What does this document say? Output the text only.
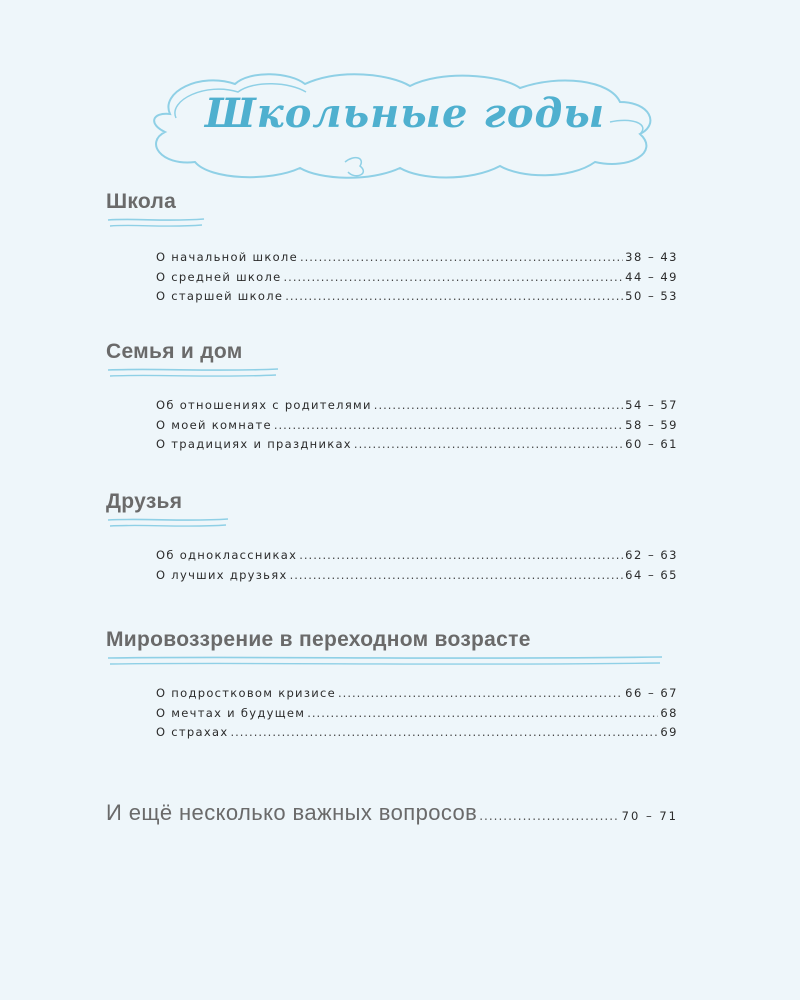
Школьные годы
Школа
О начальной школе .....	38 – 43
О средней школе .....	44 – 49
О старшей школе .....	50 – 53
Семья и дом
Об отношениях с родителями .....	54 – 57
О моей комнате .....	58 – 59
О традициях и праздниках .....	60 – 61
Друзья
Об одноклассниках .....	62 – 63
О лучших друзьях .....	64 – 65
Мировоззрение в переходном возрасте
О подростковом кризисе .....	66 – 67
О мечтах и будущем .....	68
О страхах .....	69
И ещё несколько важных вопросов .....	70 – 71
